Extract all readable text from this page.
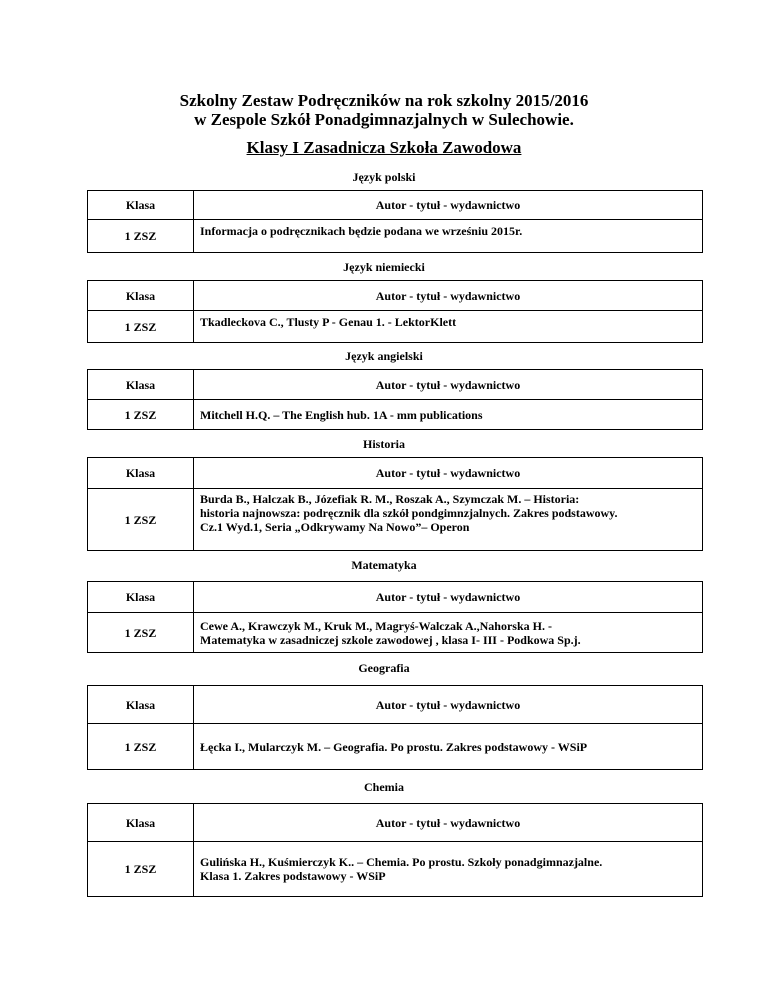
Szkolny Zestaw Podręczników na rok szkolny 2015/2016
w Zespole Szkół Ponadgimnazjalnych w Sulechowie.
Klasy I Zasadnicza Szkoła Zawodowa
Język polski
Klasa	Autor - tytuł - wydawnictwo
1 ZSZ	Informacja o podręcznikach będzie podana we wrześniu 2015r.
Język niemiecki
Klasa	Autor - tytuł - wydawnictwo
1 ZSZ	Tkadleckova C., Tlusty P - Genau 1. - LektorKlett
Język angielski
Klasa	Autor - tytuł - wydawnictwo
1 ZSZ	Mitchell H.Q. – The English hub. 1A - mm publications
Historia
Klasa	Autor - tytuł - wydawnictwo
1 ZSZ	Burda B., Halczak B., Józefiak R. M., Roszak A., Szymczak M. – Historia:
historia najnowsza: podręcznik dla szkół pondgimnzjalnych. Zakres podstawowy.
Cz.1 Wyd.1, Seria „Odkrywamy Na Nowo”– Operon
Matematyka
Klasa	Autor - tytuł - wydawnictwo
1 ZSZ	Cewe A., Krawczyk M., Kruk M., Magryś-Walczak A.,Nahorska H. -
Matematyka w zasadniczej szkole zawodowej , klasa I- III - Podkowa Sp.j.
Geografia
Klasa	Autor - tytuł - wydawnictwo
1 ZSZ	Łęcka I., Mularczyk M. – Geografia. Po prostu. Zakres podstawowy - WSiP
Chemia
Klasa	Autor - tytuł - wydawnictwo
1 ZSZ	Gulińska H., Kuśmierczyk K.. – Chemia. Po prostu. Szkoły ponadgimnazjalne.
Klasa 1. Zakres podstawowy - WSiP
